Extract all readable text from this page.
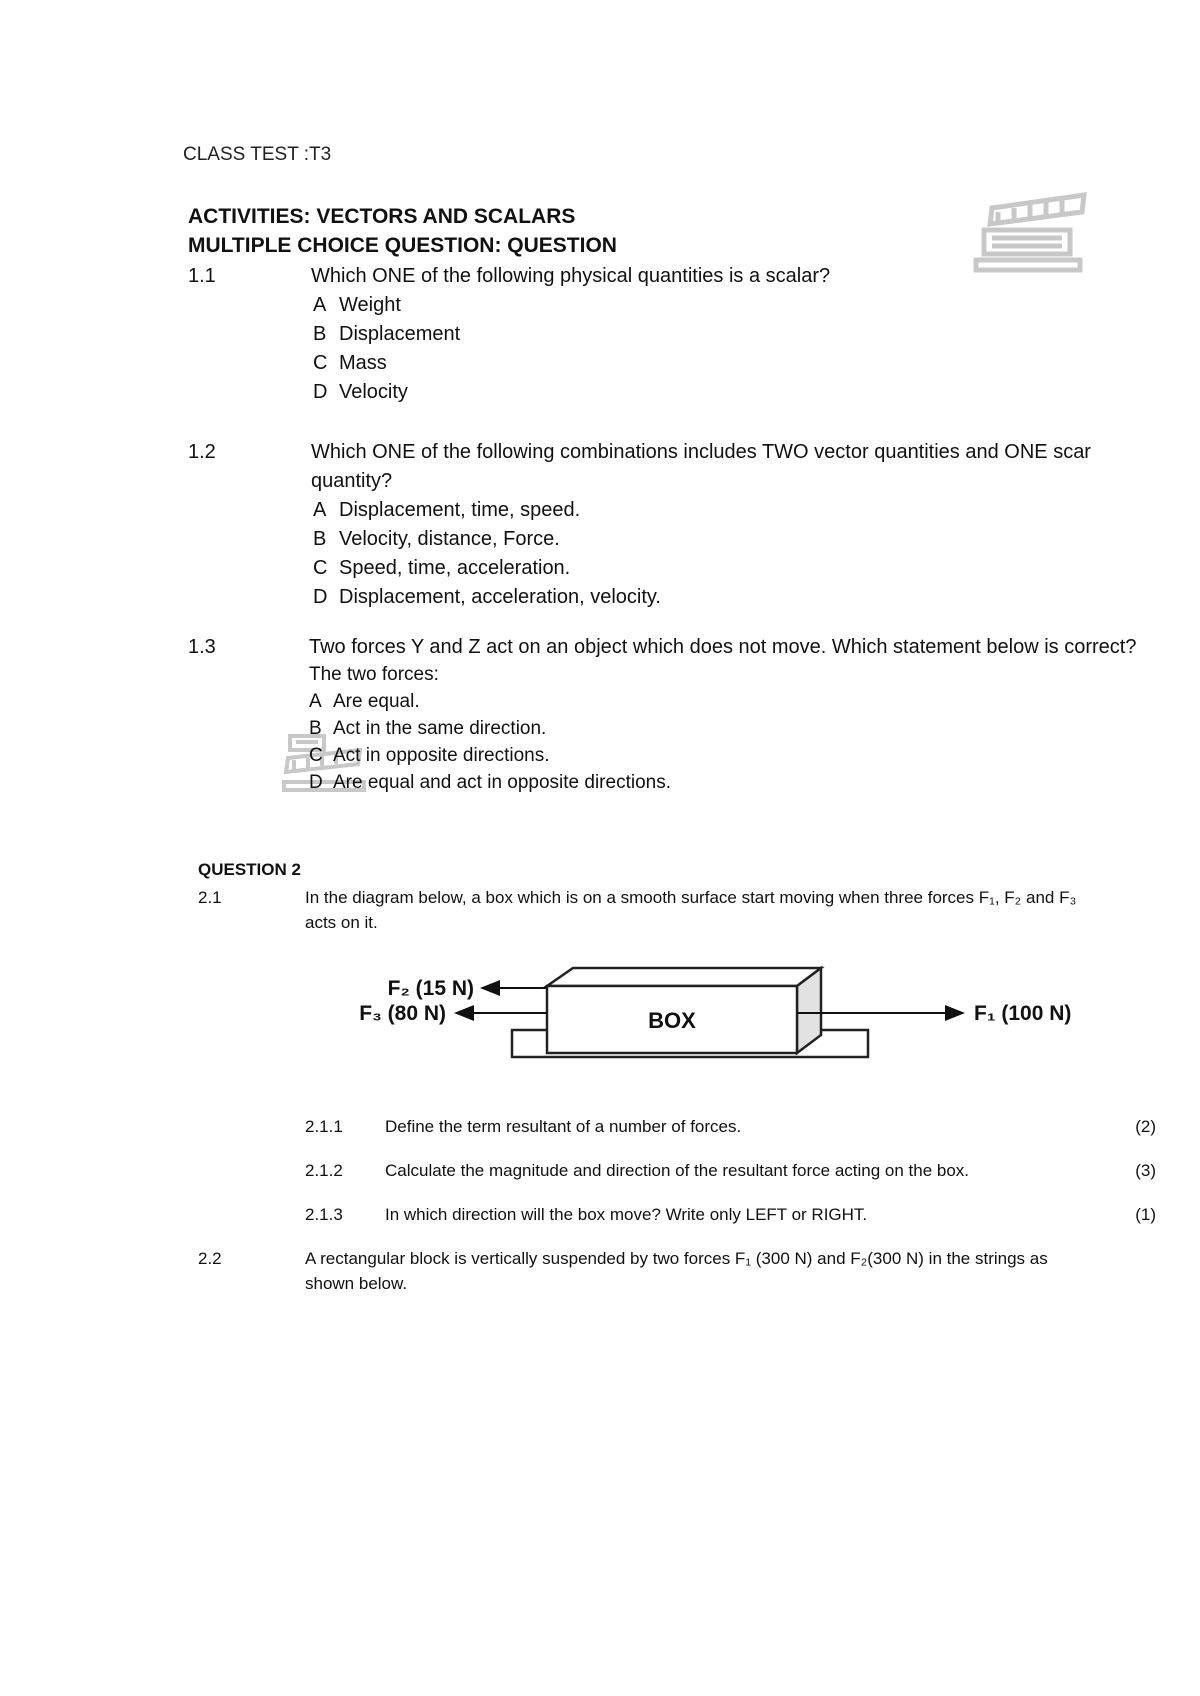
CLASS TEST :T3
ACTIVITIES: VECTORS AND SCALARS
MULTIPLE CHOICE QUESTION: QUESTION
1.1	Which ONE of the following physical quantities is a scalar?
A Weight
B Displacement
C Mass
D Velocity
1.2	Which ONE of the following combinations includes TWO vector quantities and ONE scar
quantity?
A Displacement, time, speed.
B Velocity, distance, Force.
C Speed, time, acceleration.
D Displacement, acceleration, velocity.
1.3	Two forces Y and Z act on an object which does not move. Which statement below is correct?
The two forces:
A Are equal.
B Act in the same direction.
C Act in opposite directions.
D Are equal and act in opposite directions.
QUESTION 2
2.1	In the diagram below, a box which is on a smooth surface start moving when three forces F₁, F₂ and F₃
acts on it.
BOX
F₂ (15 N)
F₃ (80 N)	F₁ (100 N)
2.1.1 Define the term resultant of a number of forces.	(2)
2.1.2 Calculate the magnitude and direction of the resultant force acting on the box.	(3)
2.1.3 In which direction will the box move? Write only LEFT or RIGHT.	(1)
2.2	A rectangular block is vertically suspended by two forces F₁ (300 N) and F₂(300 N) in the strings as
shown below.
